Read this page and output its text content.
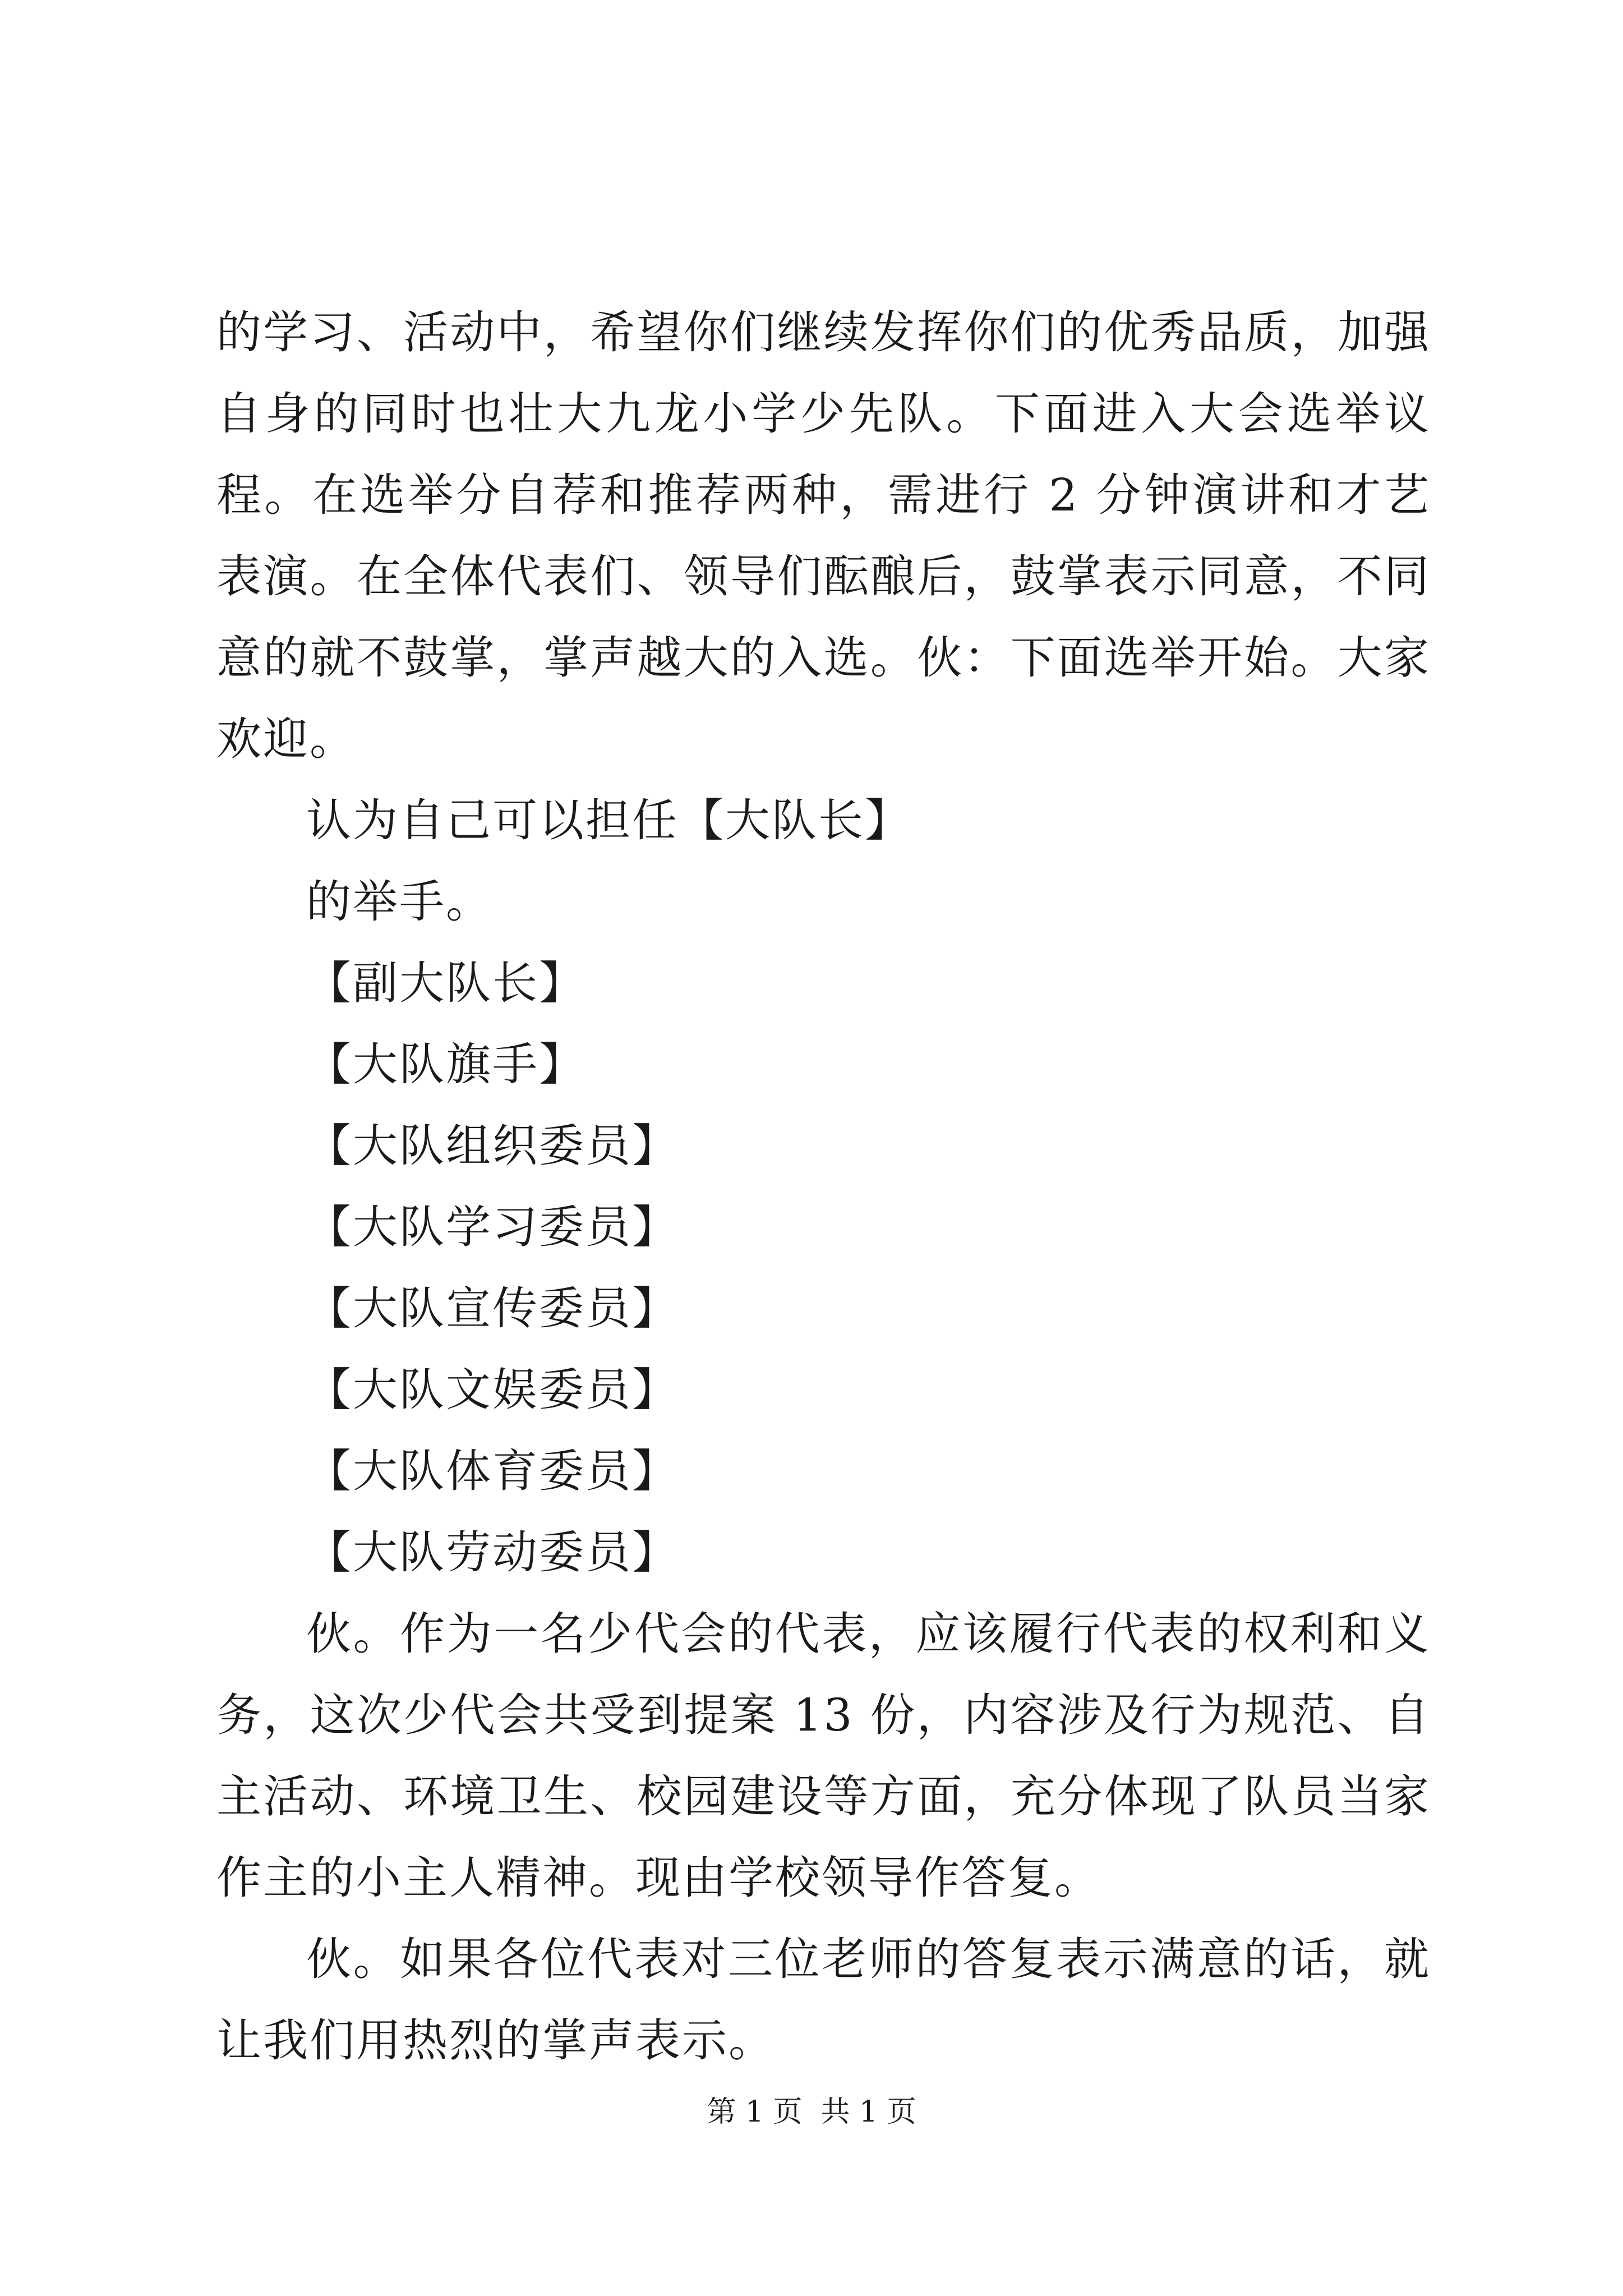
的学习、活动中，希望你们继续发挥你们的优秀品质，加强自身的同时也壮大九龙小学少先队。下面进入大会选举议程。在选举分自荐和推荐两种，需进行 2 分钟演讲和才艺表演。在全体代表们、领导们酝酿后，鼓掌表示同意，不同意的就不鼓掌，掌声越大的入选。伙：下面选举开始。大家欢迎。

认为自己可以担任【大队长】

的举手。

【副大队长】

【大队旗手】

【大队组织委员】

【大队学习委员】

【大队宣传委员】

【大队文娱委员】

【大队体育委员】

【大队劳动委员】

伙。作为一名少代会的代表，应该履行代表的权利和义务，这次少代会共受到提案 13 份，内容涉及行为规范、自主活动、环境卫生、校园建设等方面，充分体现了队员当家作主的小主人精神。现由学校领导作答复。

伙。如果各位代表对三位老师的答复表示满意的话，就让我们用热烈的掌声表示。

第 1 页  共 1 页
